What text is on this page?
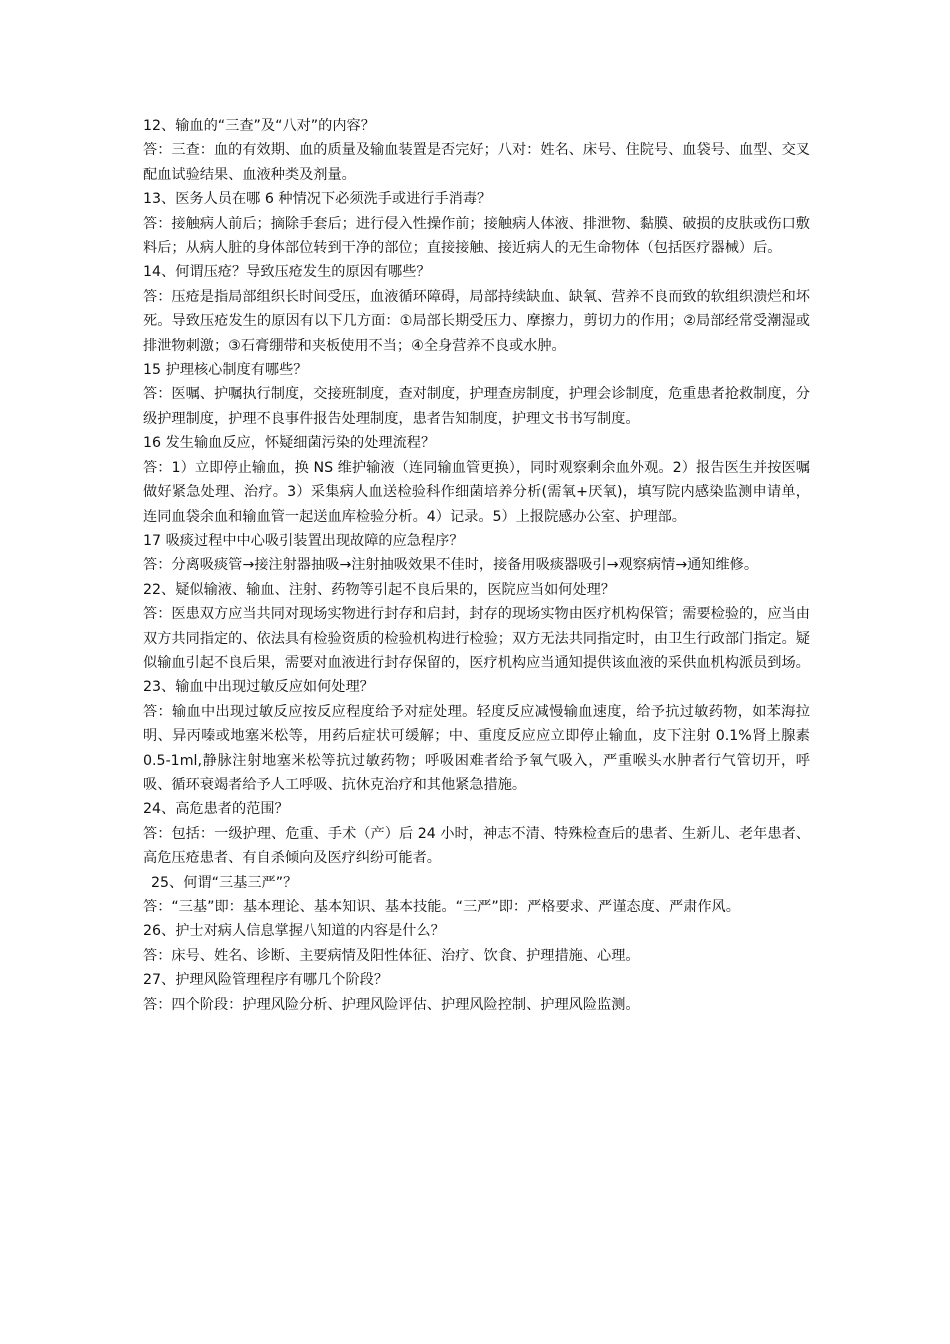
12、输血的“三查”及“八对”的内容？
答：三查：血的有效期、血的质量及输血装置是否完好；八对：姓名、床号、住院号、血袋号、血型、交叉配血试验结果、血液种类及剂量。
13、医务人员在哪 6 种情况下必须洗手或进行手消毒？
答：接触病人前后；摘除手套后；进行侵入性操作前；接触病人体液、排泄物、黏膜、破损的皮肤或伤口敷料后；从病人脏的身体部位转到干净的部位；直接接触、接近病人的无生命物体（包括医疗器械）后。
14、何谓压疮？导致压疮发生的原因有哪些？
答：压疮是指局部组织长时间受压，血液循环障碍，局部持续缺血、缺氧、营养不良而致的软组织溃烂和坏死。导致压疮发生的原因有以下几方面：①局部长期受压力、摩擦力，剪切力的作用；②局部经常受潮湿或排泄物刺激；③石膏绷带和夹板使用不当；④全身营养不良或水肿。
15 护理核心制度有哪些？
答：医嘱、护嘱执行制度，交接班制度，查对制度，护理查房制度，护理会诊制度，危重患者抢救制度，分级护理制度，护理不良事件报告处理制度，患者告知制度，护理文书书写制度。
16 发生输血反应，怀疑细菌污染的处理流程？
答：1）立即停止输血，换 NS 维护输液（连同输血管更换），同时观察剩余血外观。2）报告医生并按医嘱做好紧急处理、治疗。3）采集病人血送检验科作细菌培养分析(需氧+厌氧)，填写院内感染监测申请单，连同血袋余血和输血管一起送血库检验分析。4）记录。5）上报院感办公室、护理部。
17 吸痰过程中中心吸引装置出现故障的应急程序？
答：分离吸痰管→接注射器抽吸→注射抽吸效果不佳时，接备用吸痰器吸引→观察病情→通知维修。
22、疑似输液、输血、注射、药物等引起不良后果的，医院应当如何处理？
答：医患双方应当共同对现场实物进行封存和启封，封存的现场实物由医疗机构保管；需要检验的，应当由双方共同指定的、依法具有检验资质的检验机构进行检验；双方无法共同指定时，由卫生行政部门指定。疑似输血引起不良后果，需要对血液进行封存保留的，医疗机构应当通知提供该血液的采供血机构派员到场。
23、输血中出现过敏反应如何处理？
答：输血中出现过敏反应按反应程度给予对症处理。轻度反应减慢输血速度，给予抗过敏药物，如苯海拉明、异丙嗪或地塞米松等，用药后症状可缓解；中、重度反应应立即停止输血，皮下注射 0.1%肾上腺素 0.5-1ml,静脉注射地塞米松等抗过敏药物；呼吸困难者给予氧气吸入，严重喉头水肿者行气管切开，呼吸、循环衰竭者给予人工呼吸、抗休克治疗和其他紧急措施。
24、高危患者的范围？
答：包括：一级护理、危重、手术（产）后 24 小时，神志不清、特殊检查后的患者、生新儿、老年患者、高危压疮患者、有自杀倾向及医疗纠纷可能者。
25、何谓“三基三严”？
答：“三基”即：基本理论、基本知识、基本技能。“三严”即：严格要求、严谨态度、严肃作风。
26、护士对病人信息掌握八知道的内容是什么？
答：床号、姓名、诊断、主要病情及阳性体征、治疗、饮食、护理措施、心理。
27、护理风险管理程序有哪几个阶段？
答：四个阶段：护理风险分析、护理风险评估、护理风险控制、护理风险监测。
